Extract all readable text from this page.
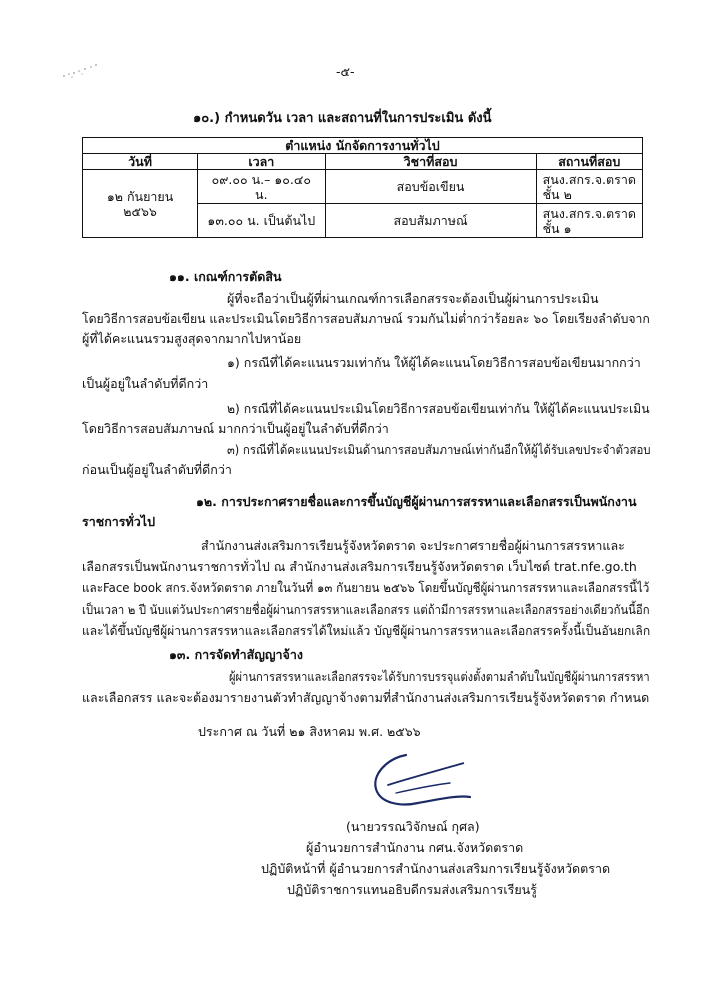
-๕-
๑๐.) กำหนดวัน เวลา และสถานที่ในการประเมิน ดังนี้
ตำแหน่ง นักจัดการงานทั่วไป			
วันที่	เวลา	วิชาที่สอบ	สถานที่สอบ
๑๒ กันยายน ๒๕๖๖	๐๙.๐๐ น.– ๑๐.๔๐ น.	สอบข้อเขียน	สนง.สกร.จ.ตราด ชั้น ๒
	๑๓.๐๐ น. เป็นต้นไป	สอบสัมภาษณ์	สนง.สกร.จ.ตราด ชั้น ๑
๑๑. เกณฑ์การตัดสิน
ผู้ที่จะถือว่าเป็นผู้ที่ผ่านเกณฑ์การเลือกสรรจะต้องเป็นผู้ผ่านการประเมิน
โดยวิธีการสอบข้อเขียน และประเมินโดยวิธีการสอบสัมภาษณ์ รวมกันไม่ต่ำกว่าร้อยละ ๖๐ โดยเรียงลำดับจาก
ผู้ที่ได้คะแนนรวมสูงสุดจากมากไปหาน้อย
๑) กรณีที่ได้คะแนนรวมเท่ากัน ให้ผู้ได้คะแนนโดยวิธีการสอบข้อเขียนมากกว่า
เป็นผู้อยู่ในลำดับที่ดีกว่า
๒) กรณีที่ได้คะแนนประเมินโดยวิธีการสอบข้อเขียนเท่ากัน ให้ผู้ได้คะแนนประเมิน
โดยวิธีการสอบสัมภาษณ์ มากกว่าเป็นผู้อยู่ในลำดับที่ดีกว่า
๓) กรณีที่ได้คะแนนประเมินด้านการสอบสัมภาษณ์เท่ากันอีกให้ผู้ได้รับเลขประจำตัวสอบ
ก่อนเป็นผู้อยู่ในลำดับที่ดีกว่า
๑๒. การประกาศรายชื่อและการขึ้นบัญชีผู้ผ่านการสรรหาและเลือกสรรเป็นพนักงาน
ราชการทั่วไป
สำนักงานส่งเสริมการเรียนรู้จังหวัดตราด จะประกาศรายชื่อผู้ผ่านการสรรหาและ
เลือกสรรเป็นพนักงานราชการทั่วไป ณ สำนักงานส่งเสริมการเรียนรู้จังหวัดตราด เว็บไซต์ trat.nfe.go.th
และFace book สกร.จังหวัดตราด ภายในวันที่ ๑๓ กันยายน ๒๕๖๖ โดยขึ้นบัญชีผู้ผ่านการสรรหาและเลือกสรรนี้ไว้
เป็นเวลา ๒ ปี นับแต่วันประกาศรายชื่อผู้ผ่านการสรรหาและเลือกสรร แต่ถ้ามีการสรรหาและเลือกสรรอย่างเดียวกันนี้อีก
และได้ขึ้นบัญชีผู้ผ่านการสรรหาและเลือกสรรได้ใหม่แล้ว บัญชีผู้ผ่านการสรรหาและเลือกสรรครั้งนี้เป็นอันยกเลิก
๑๓. การจัดทำสัญญาจ้าง
ผู้ผ่านการสรรหาและเลือกสรรจะได้รับการบรรจุแต่งตั้งตามลำดับในบัญชีผู้ผ่านการสรรหา
และเลือกสรร และจะต้องมารายงานตัวทำสัญญาจ้างตามที่สำนักงานส่งเสริมการเรียนรู้จังหวัดตราด กำหนด
ประกาศ ณ วันที่ ๒๑ สิงหาคม พ.ศ. ๒๕๖๖
(นายวรรณวิจักษณ์ กุศล)
ผู้อำนวยการสำนักงาน กศน.จังหวัดตราด
ปฏิบัติหน้าที่ ผู้อำนวยการสำนักงานส่งเสริมการเรียนรู้จังหวัดตราด
ปฏิบัติราชการแทนอธิบดีกรมส่งเสริมการเรียนรู้
